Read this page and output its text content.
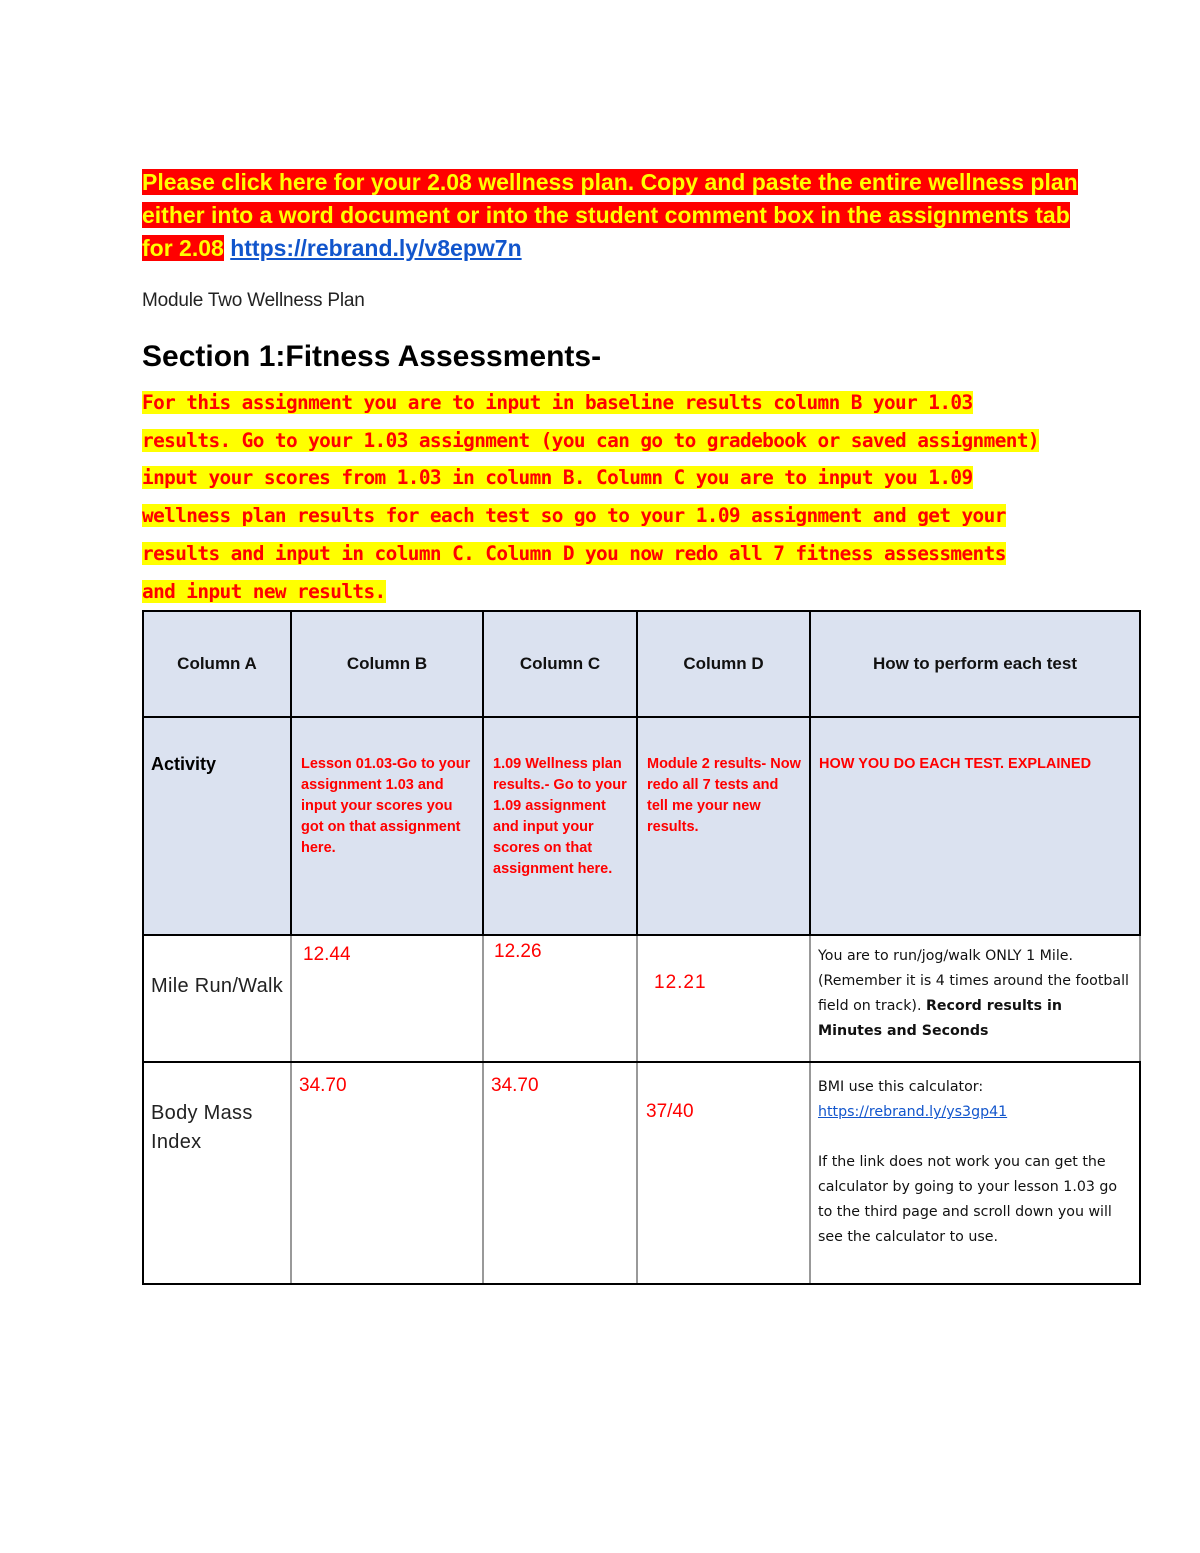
Please click here for your 2.08 wellness plan. Copy and paste the entire wellness plan either into a word document or into the student comment box in the assignments tab for 2.08 https://rebrand.ly/v8epw7n
Module Two Wellness Plan
Section 1:Fitness Assessments-
For this assignment you are to input in baseline results column B your 1.03 results. Go to your 1.03 assignment (you can go to gradebook or saved assignment) input your scores from 1.03 in column B. Column C you are to input you 1.09 wellness plan results for each test so go to your 1.09 assignment and get your results and input in column C. Column D you now redo all 7 fitness assessments and input new results.
Column A	Column B	Column C	Column D	How to perform each test

Activity	Lesson 01.03-Go to your assignment 1.03 and input your scores you got on that assignment here.	1.09 Wellness plan results.- Go to your 1.09 assignment and input your scores on that assignment here.	Module 2 results- Now redo all 7 tests and tell me your new results.	HOW YOU DO EACH TEST. EXPLAINED

Mile Run/Walk	12.44	12.26	12.21	You are to run/jog/walk ONLY 1 Mile. (Remember it is 4 times around the football field on track). Record results in Minutes and Seconds

Body Mass Index	34.70	34.70	37/40	BMI use this calculator:

https://rebrand.ly/ys3gp41

If the link does not work you can get the calculator by going to your lesson 1.03 go to the third page and scroll down you will see the calculator to use.
